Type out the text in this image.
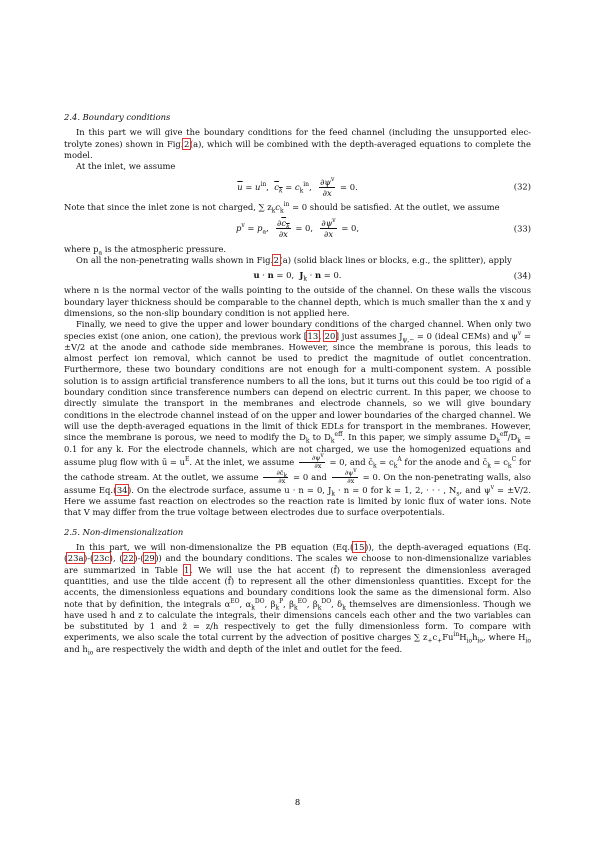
2.4. Boundary conditions

In this part we will give the boundary conditions for the feed channel (including the unsupported elec- trolyte zones) shown in Fig.2(a), which will be combined with the depth-averaged equations to complete the model.

At the inlet, we assume

$\overline{u} = u^{in}$,  $c_k = c_k^{in}$, $\frac{\partial\psi^v}{\partial x} = 0$.	(32)

Note that since the inlet zone is not charged, ∑ $z_kc_k^{in} = 0$ should be satisfied. At the outlet, we assume

$p^v = p_a$, $\frac{\partial c_k}{\partial x} = 0$, $\frac{\partial\psi^v}{\partial x} = 0$,	(33)

where $p_a$ is the atmospheric pressure.

On all the non-penetrating walls shown in Fig.2(a) (solid black lines or blocks, e.g., the splitter), apply

u · n = 0,  $J_k \cdot n = 0$.	(34)

where n is the normal vector of the walls pointing to the outside of the channel. On these walls the viscous boundary layer thickness should be comparable to the channel depth, which is much smaller than the x and y dimensions, so the non-slip boundary condition is not applied here.

Finally, we need to give the upper and lower boundary conditions of the charged channel. When only two species exist (one anion, one cation), the previous work [13, 20] just assumes $J_{\psi,-} = 0$ (ideal CEMs) and $\psi^v = \pm V/2$ at the anode and cathode side membranes. However, since the membrane is porous, this leads to almost perfect ion removal, which cannot be used to predict the magnitude of outlet concentration. Furthermore, these two boundary conditions are not enough for a multi-component system. A possible solution is to assign artificial transference numbers to all the ions, but it turns out this could be too rigid of a boundary condition since transference numbers can depend on electric current. In this paper, we choose to directly simulate the transport in the membranes and electrode channels, so we will give boundary conditions in the electrode channel instead of on the upper and lower boundaries of the charged channel. We will use the depth-averaged equations in the limit of thick EDLs for transport in the membranes. However, since the membrane is porous, we need to modify the $D_k$ to $D_k^{eff}$. In this paper, we simply assume $D_k^{eff}/D_k = 0.1$ for any k. For the electrode channels, which are not charged, we use the homogenized equations and assume plug flow with ū = $u^E$. At the inlet, we assume $\frac{\partial\psi^v}{\partial x} = 0$, and $c̄_k = c_k^A$ for the anode and $c̄_k = c_k^C$ for the cathode stream. At the outlet, we assume $\frac{\partial c̄_k}{\partial x} = 0$ and $\frac{\partial\psi^v}{\partial x} = 0$. On the non-penetrating walls, also assume Eq.(34). On the electrode surface, assume u · n = 0, $J_k \cdot n = 0$ for k = 1, 2, · · · , $N_s$, and $\psi^v = \pm V/2$. Here we assume fast reaction on electrodes so the reaction rate is limited by ionic flux of water ions. Note that V may differ from the true voltage between electrodes due to surface overpotentials.

2.5. Non-dimensionalization

In this part, we will non-dimensionalize the PB equation (Eq.(15)), the depth-averaged equations (Eq.(23a)-(23c), (22)-(29)) and the boundary conditions. The scales we choose to non-dimensionalize variables are summarized in Table 1. We will use the hat accent (f̂) to represent the dimensionless averaged quantities, and use the tilde accent (f̃) to represent all the other dimensionless quantities. Except for the accents, the dimensionless equations and boundary conditions look the same as the dimensional form. Also note that by definition, the integrals $\alpha^{EO}$, $\alpha_k^{DO}$, $\beta_k^P$, $\beta_k^{EO}$, $\beta_k^{DO}$, $\delta_k$ themselves are dimensionless. Though we have used h and z to calculate the integrals, their dimensions cancels each other and the two variables can be substituted by 1 and z̃ = z/h respectively to get the fully dimensionless form. To compare with experiments, we also scale the total current by the advection of positive charges ∑ $z_+c_+Fu^{in}H_{io}h_{io}$, where $H_{io}$ and $h_{io}$ are respectively the width and depth of the inlet and outlet for the feed.

8
